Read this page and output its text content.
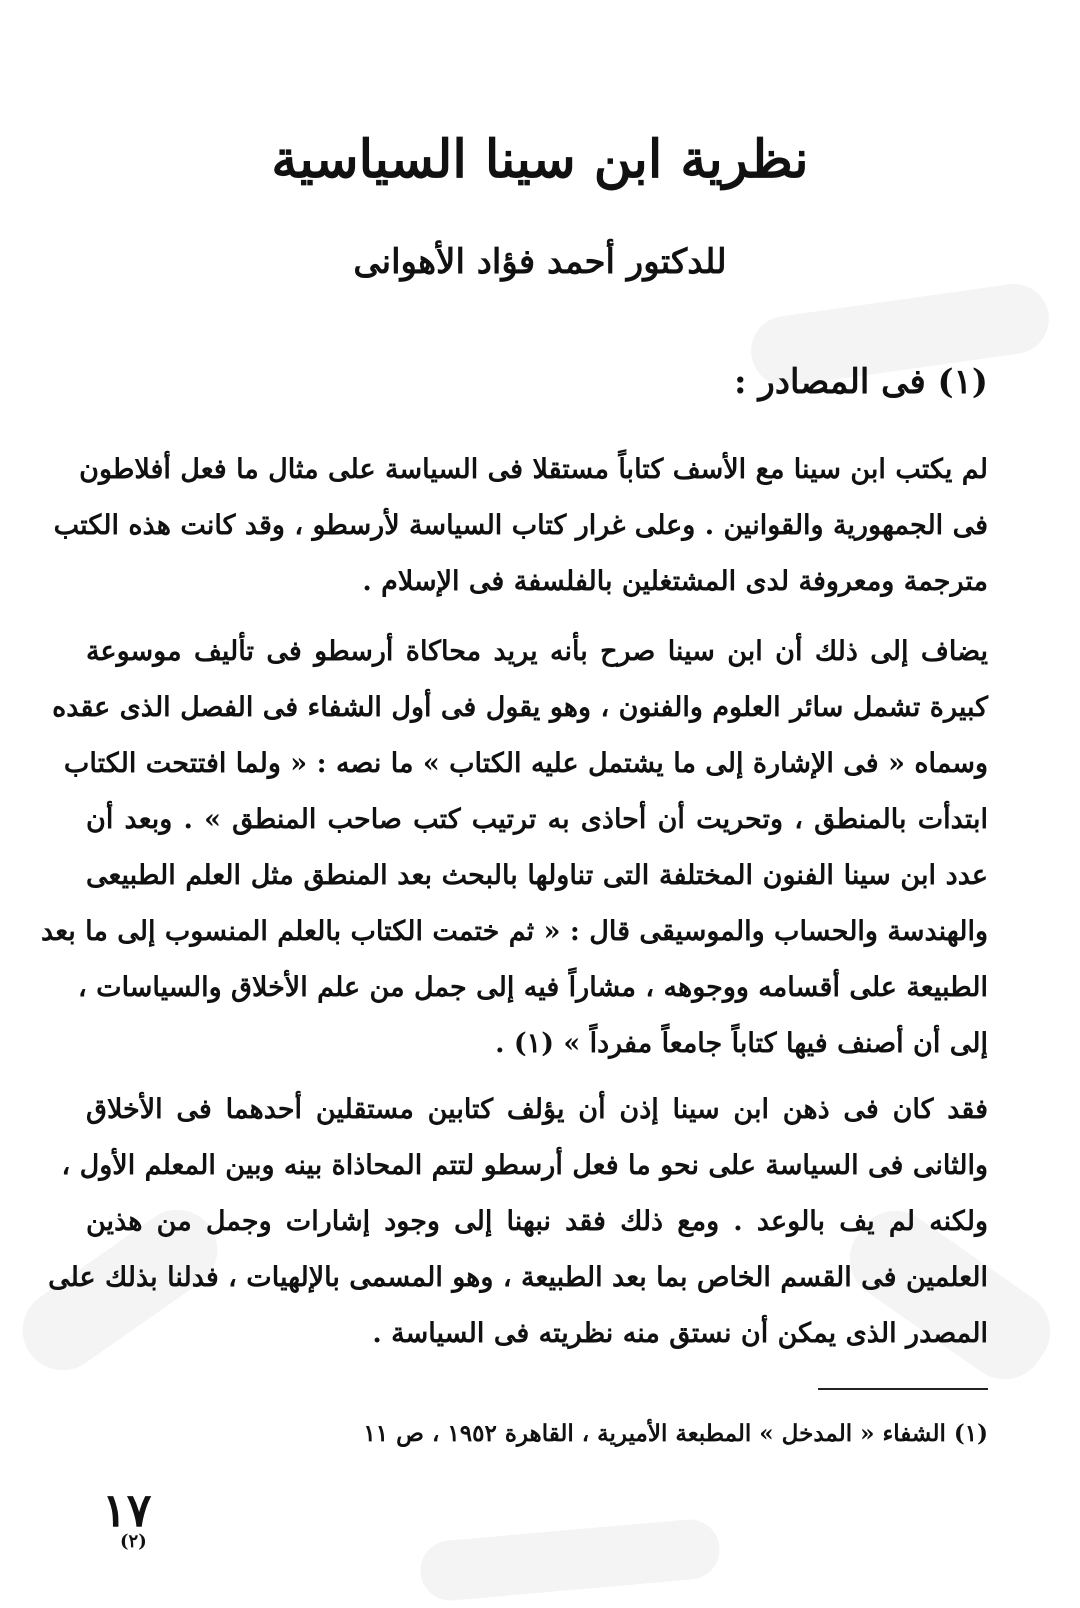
نظرية ابن سينا السياسية
للدكتور أحمد فؤاد الأهوانى
(١) فى المصادر :
لم يكتب ابن سينا مع الأسف كتاباً مستقلا فى السياسة على مثال ما فعل أفلاطون
فى الجمهورية والقوانين . وعلى غرار كتاب السياسة لأرسطو ، وقد كانت هذه الكتب
مترجمة ومعروفة لدى المشتغلين بالفلسفة فى الإسلام .
يضاف إلى ذلك أن ابن سينا صرح بأنه يريد محاكاة أرسطو فى تأليف موسوعة
كبيرة تشمل سائر العلوم والفنون ، وهو يقول فى أول الشفاء فى الفصل الذى عقده
وسماه « فى الإشارة إلى ما يشتمل عليه الكتاب » ما نصه : « ولما افتتحت الكتاب
ابتدأت بالمنطق ، وتحريت أن أحاذى به ترتيب كتب صاحب المنطق » . وبعد أن
عدد ابن سينا الفنون المختلفة التى تناولها بالبحث بعد المنطق مثل العلم الطبيعى
والهندسة والحساب والموسيقى قال : « ثم ختمت الكتاب بالعلم المنسوب إلى ما بعد
الطبيعة على أقسامه ووجوهه ، مشاراً فيه إلى جمل من علم الأخلاق والسياسات ،
إلى أن أصنف فيها كتاباً جامعاً مفرداً » (١) .
فقد كان فى ذهن ابن سينا إذن أن يؤلف كتابين مستقلين أحدهما فى الأخلاق
والثانى فى السياسة على نحو ما فعل أرسطو لتتم المحاذاة بينه وبين المعلم الأول ،
ولكنه لم يف بالوعد . ومع ذلك فقد نبهنا إلى وجود إشارات وجمل من هذين
العلمين فى القسم الخاص بما بعد الطبيعة ، وهو المسمى بالإلهيات ، فدلنا بذلك على
المصدر الذى يمكن أن نستق منه نظريته فى السياسة .
(١) الشفاء « المدخل » المطبعة الأميرية ، القاهرة ١٩٥٢ ، ص ١١
١٧
(٢)
